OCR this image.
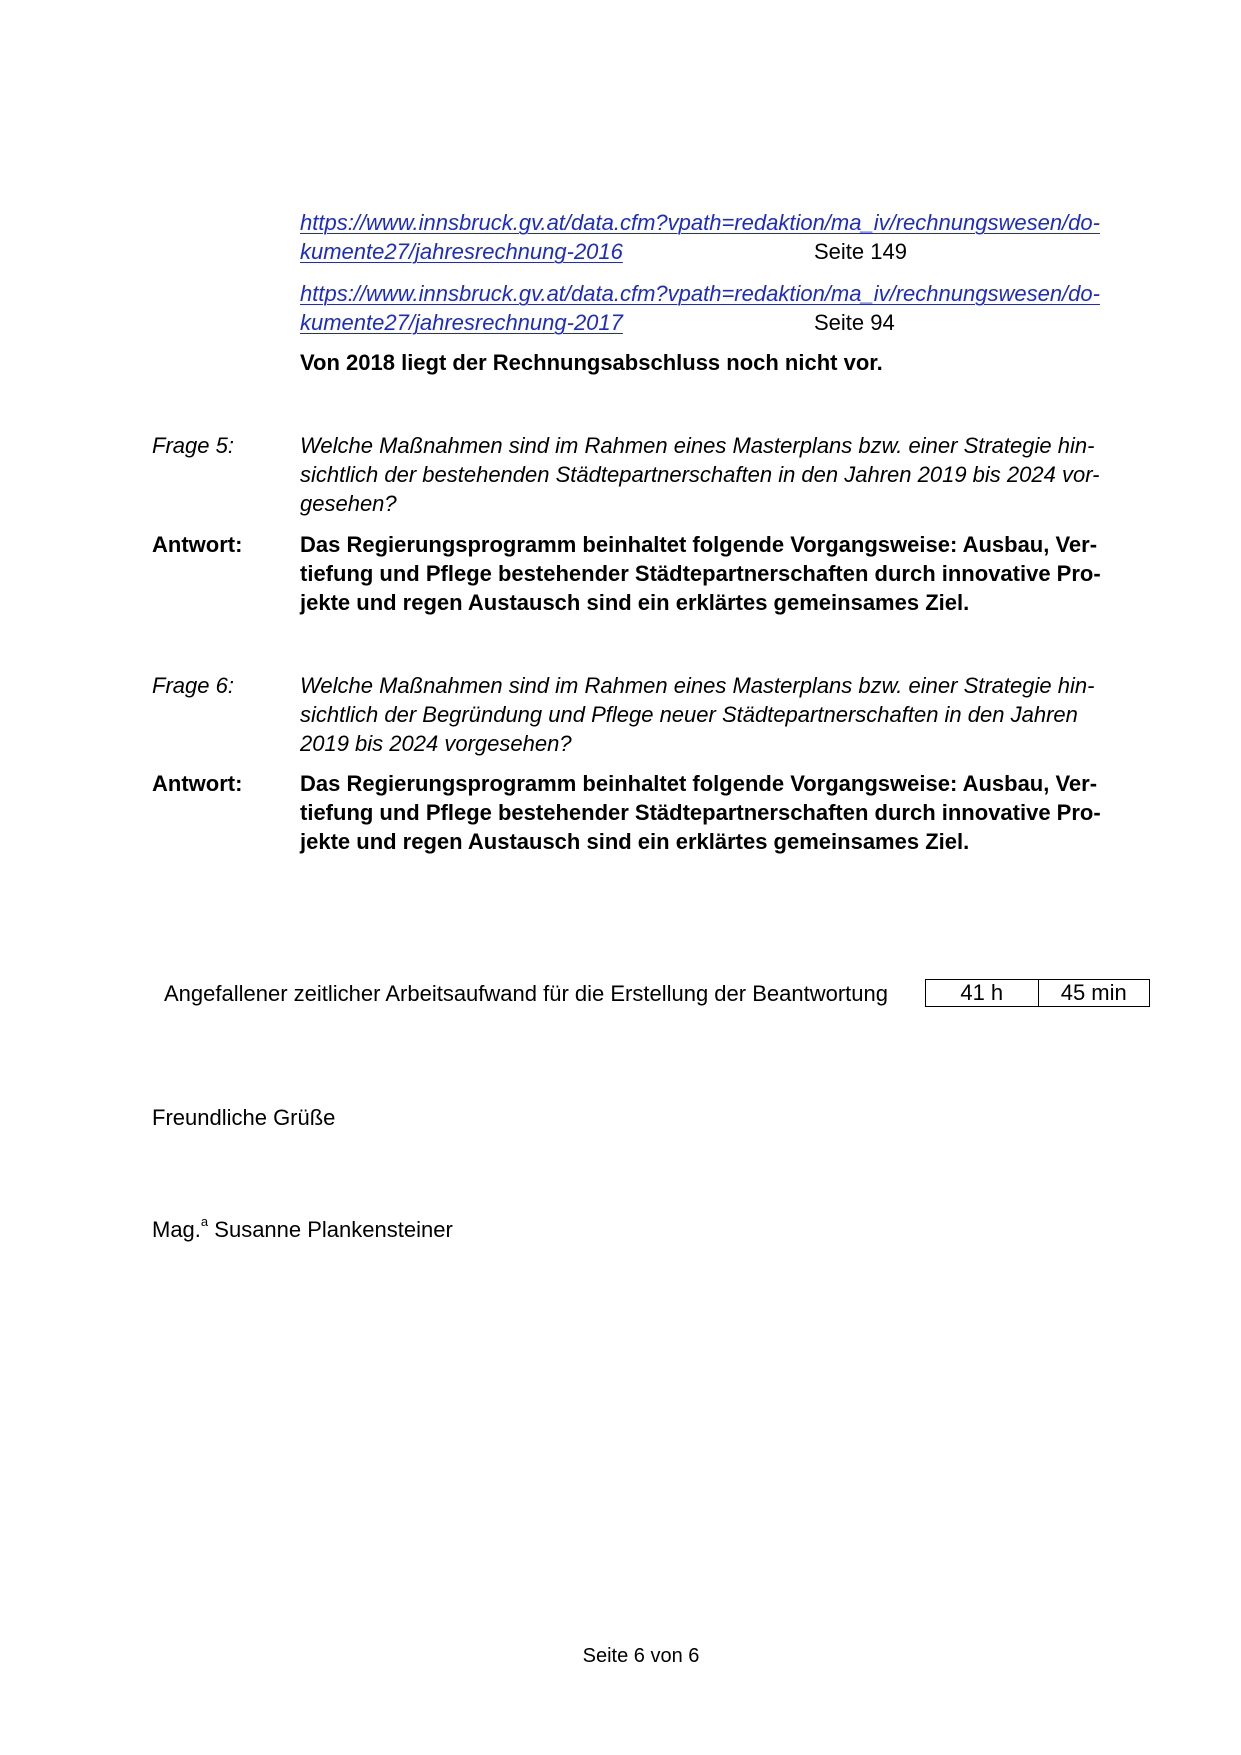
https://www.innsbruck.gv.at/data.cfm?vpath=redaktion/ma_iv/rechnungswesen/do-
kumente27/jahresrechnung-2016	Seite 149
https://www.innsbruck.gv.at/data.cfm?vpath=redaktion/ma_iv/rechnungswesen/do-
kumente27/jahresrechnung-2017	Seite 94
Von 2018 liegt der Rechnungsabschluss noch nicht vor.
Frage 5:	Welche Maßnahmen sind im Rahmen eines Masterplans bzw. einer Strategie hin-
sichtlich der bestehenden Städtepartnerschaften in den Jahren 2019 bis 2024 vor-
gesehen?
Antwort:	Das Regierungsprogramm beinhaltet folgende Vorgangsweise: Ausbau, Ver-
tiefung und Pflege bestehender Städtepartnerschaften durch innovative Pro-
jekte und regen Austausch sind ein erklärtes gemeinsames Ziel.
Frage 6:	Welche Maßnahmen sind im Rahmen eines Masterplans bzw. einer Strategie hin-
sichtlich der Begründung und Pflege neuer Städtepartnerschaften in den Jahren
2019 bis 2024 vorgesehen?
Antwort:	Das Regierungsprogramm beinhaltet folgende Vorgangsweise: Ausbau, Ver-
tiefung und Pflege bestehender Städtepartnerschaften durch innovative Pro-
jekte und regen Austausch sind ein erklärtes gemeinsames Ziel.
Angefallener zeitlicher Arbeitsaufwand für die Erstellung der Beantwortung	41 h	45 min
Freundliche Grüße
Mag.$^a$ Susanne Plankensteiner
Seite 6 von 6
